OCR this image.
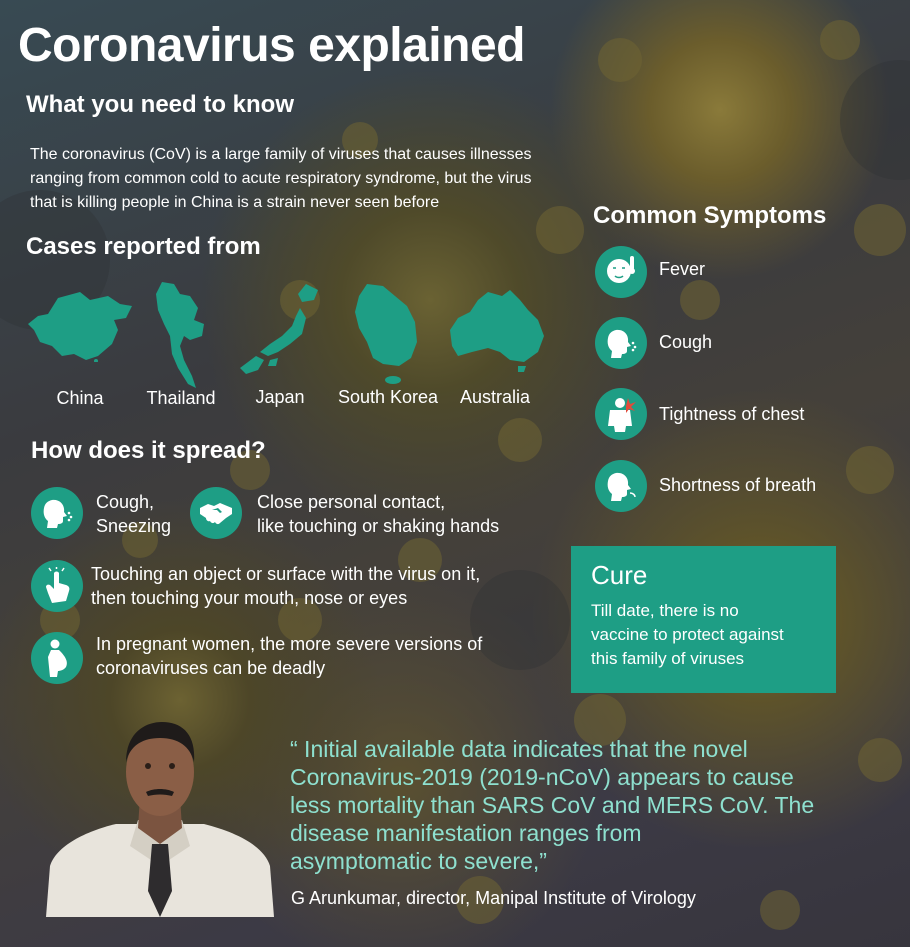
Coronavirus explained
What you need to know
The coronavirus (CoV) is a large family of viruses that causes illnesses
ranging from common cold to acute respiratory syndrome, but the virus
that is killing people in China is a strain never seen before
Cases reported from
China	Thailand	Japan	South Korea	Australia
How does it spread?
Cough,
Sneezing
Close personal contact,
like touching or shaking hands
Touching an object or surface with the virus on it,
then touching your mouth, nose or eyes
In pregnant women, the more severe versions of
coronaviruses can be deadly
Common Symptoms
Fever
Cough
Tightness of chest
Shortness of breath
Cure
Till date, there is no
vaccine to protect against
this family of viruses
“ Initial available data indicates that the novel
Coronavirus-2019 (2019-nCoV) appears to cause
less mortality than SARS CoV and MERS CoV. The
disease manifestation ranges from
asymptomatic to severe,”
G Arunkumar, director, Manipal Institute of Virology
